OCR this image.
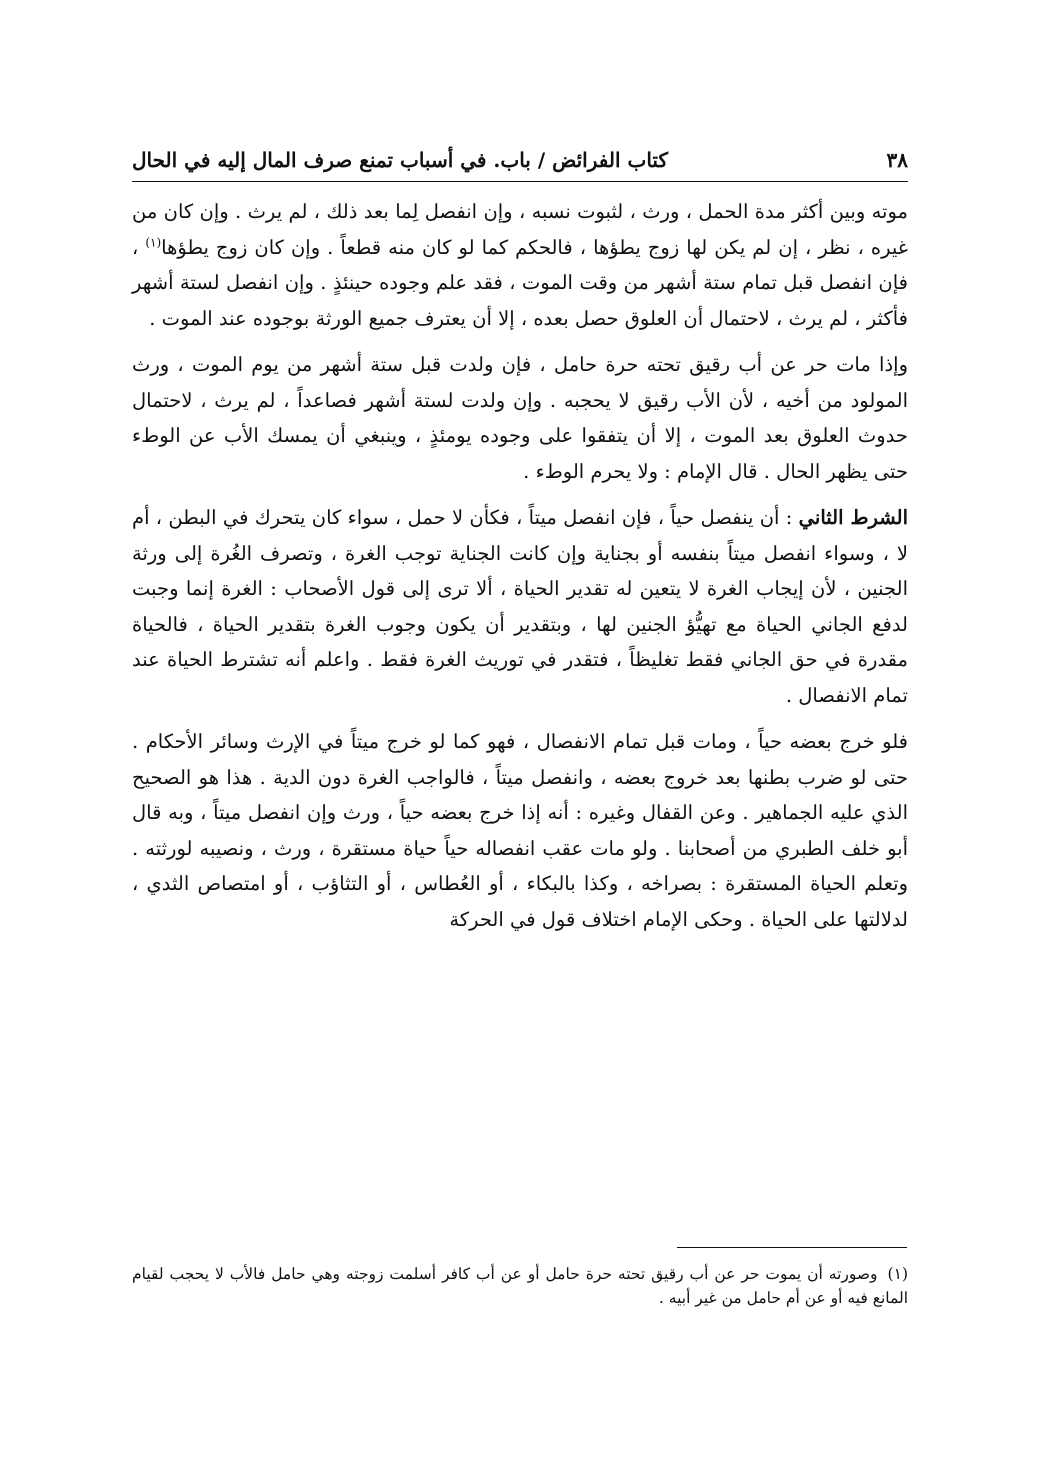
٣٨
كتاب الفرائض / باب. في أسباب تمنع صرف المال إليه في الحال

موته وبين أكثر مدة الحمل ، ورث ، لثبوت نسبه ، وإن انفصل لِما بعد ذلك ، لم يرث . وإن كان من غيره ، نظر ، إن لم يكن لها زوج يطؤها ، فالحكم كما لو كان منه قطعاً . وإن كان زوج يطؤها$^{(١)}$ ، فإن انفصل قبل تمام ستة أشهر من وقت الموت ، فقد علم وجوده حينئذٍ . وإن انفصل لستة أشهر فأكثر ، لم يرث ، لاحتمال أن العلوق حصل بعده ، إلا أن يعترف جميع الورثة بوجوده عند الموت .

وإذا مات حر عن أب رقيق تحته حرة حامل ، فإن ولدت قبل ستة أشهر من يوم الموت ، ورث المولود من أخيه ، لأن الأب رقيق لا يحجبه . وإن ولدت لستة أشهر فصاعداً ، لم يرث ، لاحتمال حدوث العلوق بعد الموت ، إلا أن يتفقوا على وجوده يومئذٍ ، وينبغي أن يمسك الأب عن الوطء حتى يظهر الحال . قال الإمام : ولا يحرم الوطء .

الشرط الثاني : أن ينفصل حياً ، فإن انفصل ميتاً ، فكأن لا حمل ، سواء كان يتحرك في البطن ، أم لا ، وسواء انفصل ميتاً بنفسه أو بجناية وإن كانت الجناية توجب الغرة ، وتصرف الغُرة إلى ورثة الجنين ، لأن إيجاب الغرة لا يتعين له تقدير الحياة ، ألا ترى إلى قول الأصحاب : الغرة إنما وجبت لدفع الجاني الحياة مع تهيُّؤ الجنين لها ، وبتقدير أن يكون وجوب الغرة بتقدير الحياة ، فالحياة مقدرة في حق الجاني فقط تغليظاً ، فتقدر في توريث الغرة فقط . واعلم أنه تشترط الحياة عند تمام الانفصال .

فلو خرج بعضه حياً ، ومات قبل تمام الانفصال ، فهو كما لو خرج ميتاً في الإرث وسائر الأحكام . حتى لو ضرب بطنها بعد خروج بعضه ، وانفصل ميتاً ، فالواجب الغرة دون الدية . هذا هو الصحيح الذي عليه الجماهير . وعن القفال وغيره : أنه إذا خرج بعضه حياً ، ورث وإن انفصل ميتاً ، وبه قال أبو خلف الطبري من أصحابنا . ولو مات عقب انفصاله حياً حياة مستقرة ، ورث ، ونصيبه لورثته . وتعلم الحياة المستقرة : بصراخه ، وكذا بالبكاء ، أو العُطاس ، أو التثاؤب ، أو امتصاص الثدي ، لدلالتها على الحياة . وحكى الإمام اختلاف قول في الحركة

(١)وصورته أن يموت حر عن أب رقيق تحته حرة حامل أو عن أب كافر أسلمت زوجته وهي حامل فالأب لا يحجب لقيام المانع فيه أو عن أم حامل من غير أبيه .
